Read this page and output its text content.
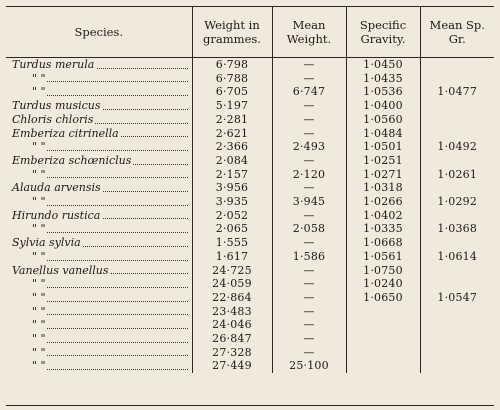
Species.	Weight in grammes.	Mean Weight.	Specific Gravity.	Mean Sp. Gr.
Turdus merula	6·798	—	1·0450	
" "	6·788	—	1·0435	
" "	6·705	6·747	1·0536	1·0477
Turdus musicus	5·197	—	1·0400	
Chloris chloris	2·281	—	1·0560	
Emberiza citrinella	2·621	—	1·0484	
" "	2·366	2·493	1·0501	1·0492
Emberiza schœniclus	2·084	—	1·0251	
" "	2·157	2·120	1·0271	1·0261
Alauda arvensis	3·956	—	1·0318	
" "	3·935	3·945	1·0266	1·0292
Hirundo rustica	2·052	—	1·0402	
" "	2·065	2·058	1·0335	1·0368
Sylvia sylvia	1·555	—	1·0668	
" "	1·617	1·586	1·0561	1·0614
Vanellus vanellus	24·725	—	1·0750	
" "	24·059	—	1·0240	
" "	22·864	—	1·0650	1·0547
" "	23·483	—		
" "	24·046	—		
" "	26·847	—		
" "	27·328	—		
" "	27·449	25·100		
